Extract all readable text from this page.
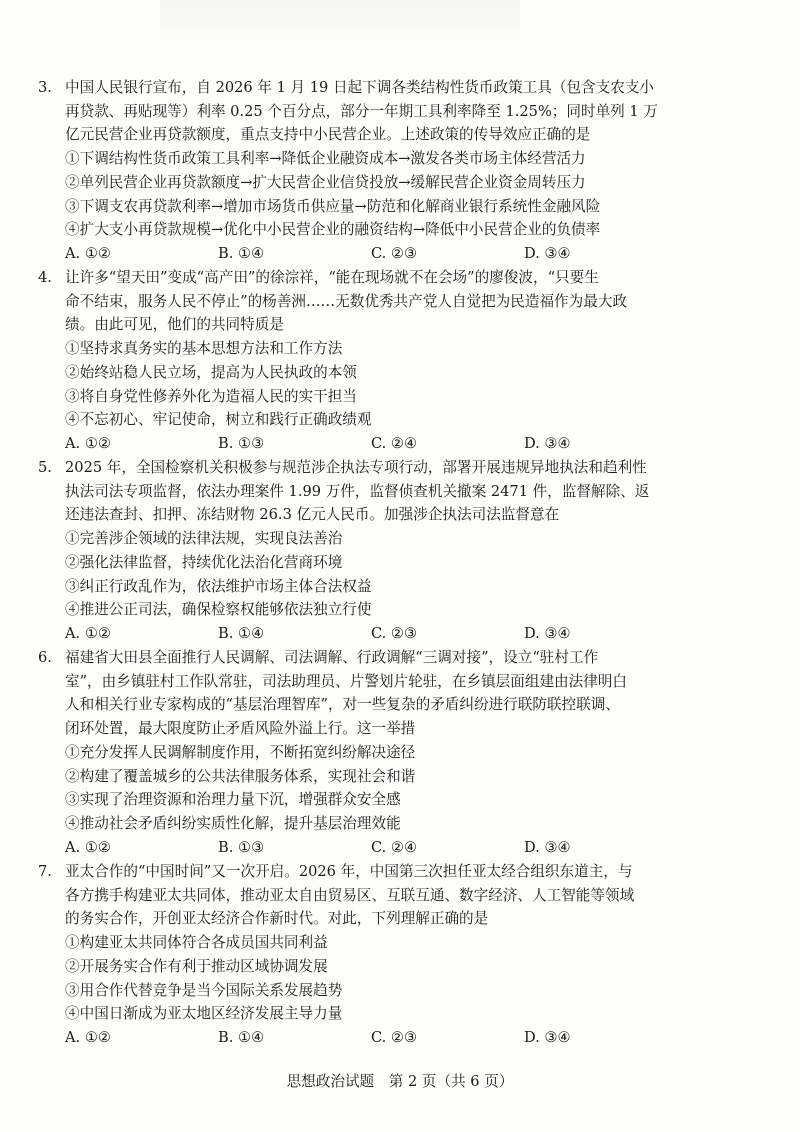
3. 中国人民银行宣布，自 2026 年 1 月 19 日起下调各类结构性货币政策工具（包含支农支小
再贷款、再贴现等）利率 0.25 个百分点，部分一年期工具利率降至 1.25%；同时单列 1 万
亿元民营企业再贷款额度，重点支持中小民营企业。上述政策的传导效应正确的是
①下调结构性货币政策工具利率→降低企业融资成本→激发各类市场主体经营活力
②单列民营企业再贷款额度→扩大民营企业信贷投放→缓解民营企业资金周转压力
③下调支农再贷款利率→增加市场货币供应量→防范和化解商业银行系统性金融风险
④扩大支小再贷款规模→优化中小民营企业的融资结构→降低中小民营企业的负债率
A. ①②	B. ①④	C. ②③	D. ③④
4. 让许多“望天田”变成“高产田”的徐淙祥，“能在现场就不在会场”的廖俊波，“只要生
命不结束，服务人民不停止”的杨善洲……无数优秀共产党人自觉把为民造福作为最大政
绩。由此可见，他们的共同特质是
①坚持求真务实的基本思想方法和工作方法
②始终站稳人民立场，提高为人民执政的本领
③将自身党性修养外化为造福人民的实干担当
④不忘初心、牢记使命，树立和践行正确政绩观
A. ①②	B. ①③	C. ②④	D. ③④
5. 2025 年，全国检察机关积极参与规范涉企执法专项行动，部署开展违规异地执法和趋利性
执法司法专项监督，依法办理案件 1.99 万件，监督侦查机关撤案 2471 件，监督解除、返
还违法查封、扣押、冻结财物 26.3 亿元人民币。加强涉企执法司法监督意在
①完善涉企领域的法律法规，实现良法善治
②强化法律监督，持续优化法治化营商环境
③纠正行政乱作为，依法维护市场主体合法权益
④推进公正司法，确保检察权能够依法独立行使
A. ①②	B. ①④	C. ②③	D. ③④
6. 福建省大田县全面推行人民调解、司法调解、行政调解“三调对接”，设立“驻村工作
室”，由乡镇驻村工作队常驻，司法助理员、片警划片轮驻，在乡镇层面组建由法律明白
人和相关行业专家构成的“基层治理智库”，对一些复杂的矛盾纠纷进行联防联控联调、
闭环处置，最大限度防止矛盾风险外溢上行。这一举措
①充分发挥人民调解制度作用，不断拓宽纠纷解决途径
②构建了覆盖城乡的公共法律服务体系，实现社会和谐
③实现了治理资源和治理力量下沉，增强群众安全感
④推动社会矛盾纠纷实质性化解，提升基层治理效能
A. ①②	B. ①③	C. ②④	D. ③④
7. 亚太合作的“中国时间”又一次开启。2026 年，中国第三次担任亚太经合组织东道主，与
各方携手构建亚太共同体，推动亚太自由贸易区、互联互通、数字经济、人工智能等领域
的务实合作，开创亚太经济合作新时代。对此，下列理解正确的是
①构建亚太共同体符合各成员国共同利益
②开展务实合作有利于推动区域协调发展
③用合作代替竞争是当今国际关系发展趋势
④中国日渐成为亚太地区经济发展主导力量
A. ①②	B. ①④	C. ②③	D. ③④
思想政治试题　第 2 页（共 6 页）
